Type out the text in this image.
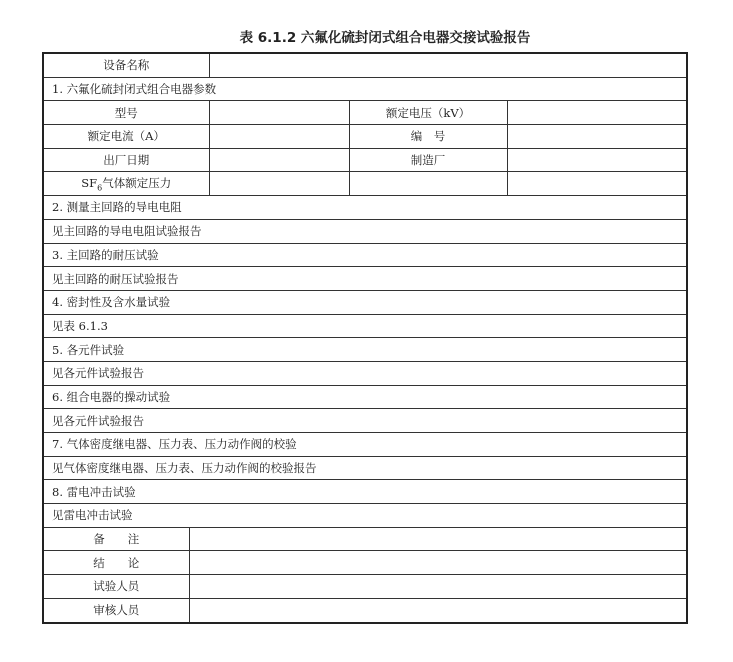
表 6.1.2 六氟化硫封闭式组合电器交接试验报告
设备名称				
1. 六氟化硫封闭式组合电器参数				
型号			额定电压（kV）	
额定电流（A）			编　号	
出厂日期			制造厂	
$SF_6$气体额定压力				
2. 测量主回路的导电电阻				
见主回路的导电电阻试验报告				
3. 主回路的耐压试验				
见主回路的耐压试验报告				
4. 密封性及含水量试验				
见表 6.1.3				
5. 各元件试验				
见各元件试验报告				
6. 组合电器的操动试验				
见各元件试验报告				
7. 气体密度继电器、压力表、压力动作阀的校验				
见气体密度继电器、压力表、压力动作阀的校验报告				
8. 雷电冲击试验				
见雷电冲击试验				
备　　注				
结　　论				
试验人员				
审核人员				
